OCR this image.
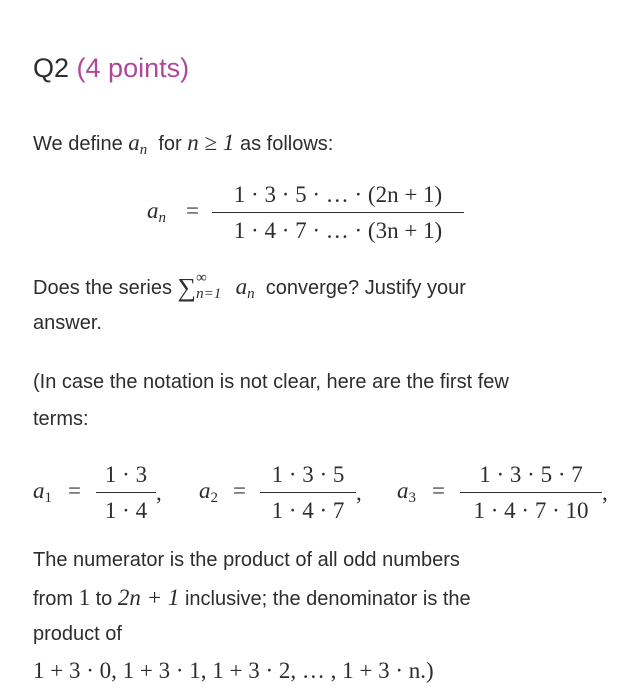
Q2 (4 points)
We define $a_n$ for n ≥ 1 as follows:
$a_n$ =
1 · 3 · 5 · … · (2n + 1)
1 · 4 · 7 · … · (3n + 1)
Does the series ∑ ∞
n=1 $a_n$ converge? Justify your
answer.
(In case the notation is not clear, here are the first few
terms:
$a_1$ =
1 · 3
1 · 4
, $a_2$ =
1 · 3 · 5
1 · 4 · 7
, $a_3$ =
1 · 3 · 5 · 7
1 · 4 · 7 · 10
,
The numerator is the product of all odd numbers
from 1 to 2n + 1 inclusive; the denominator is the
product of
1 + 3 · 0, 1 + 3 · 1, 1 + 3 · 2, … , 1 + 3 · n.)
